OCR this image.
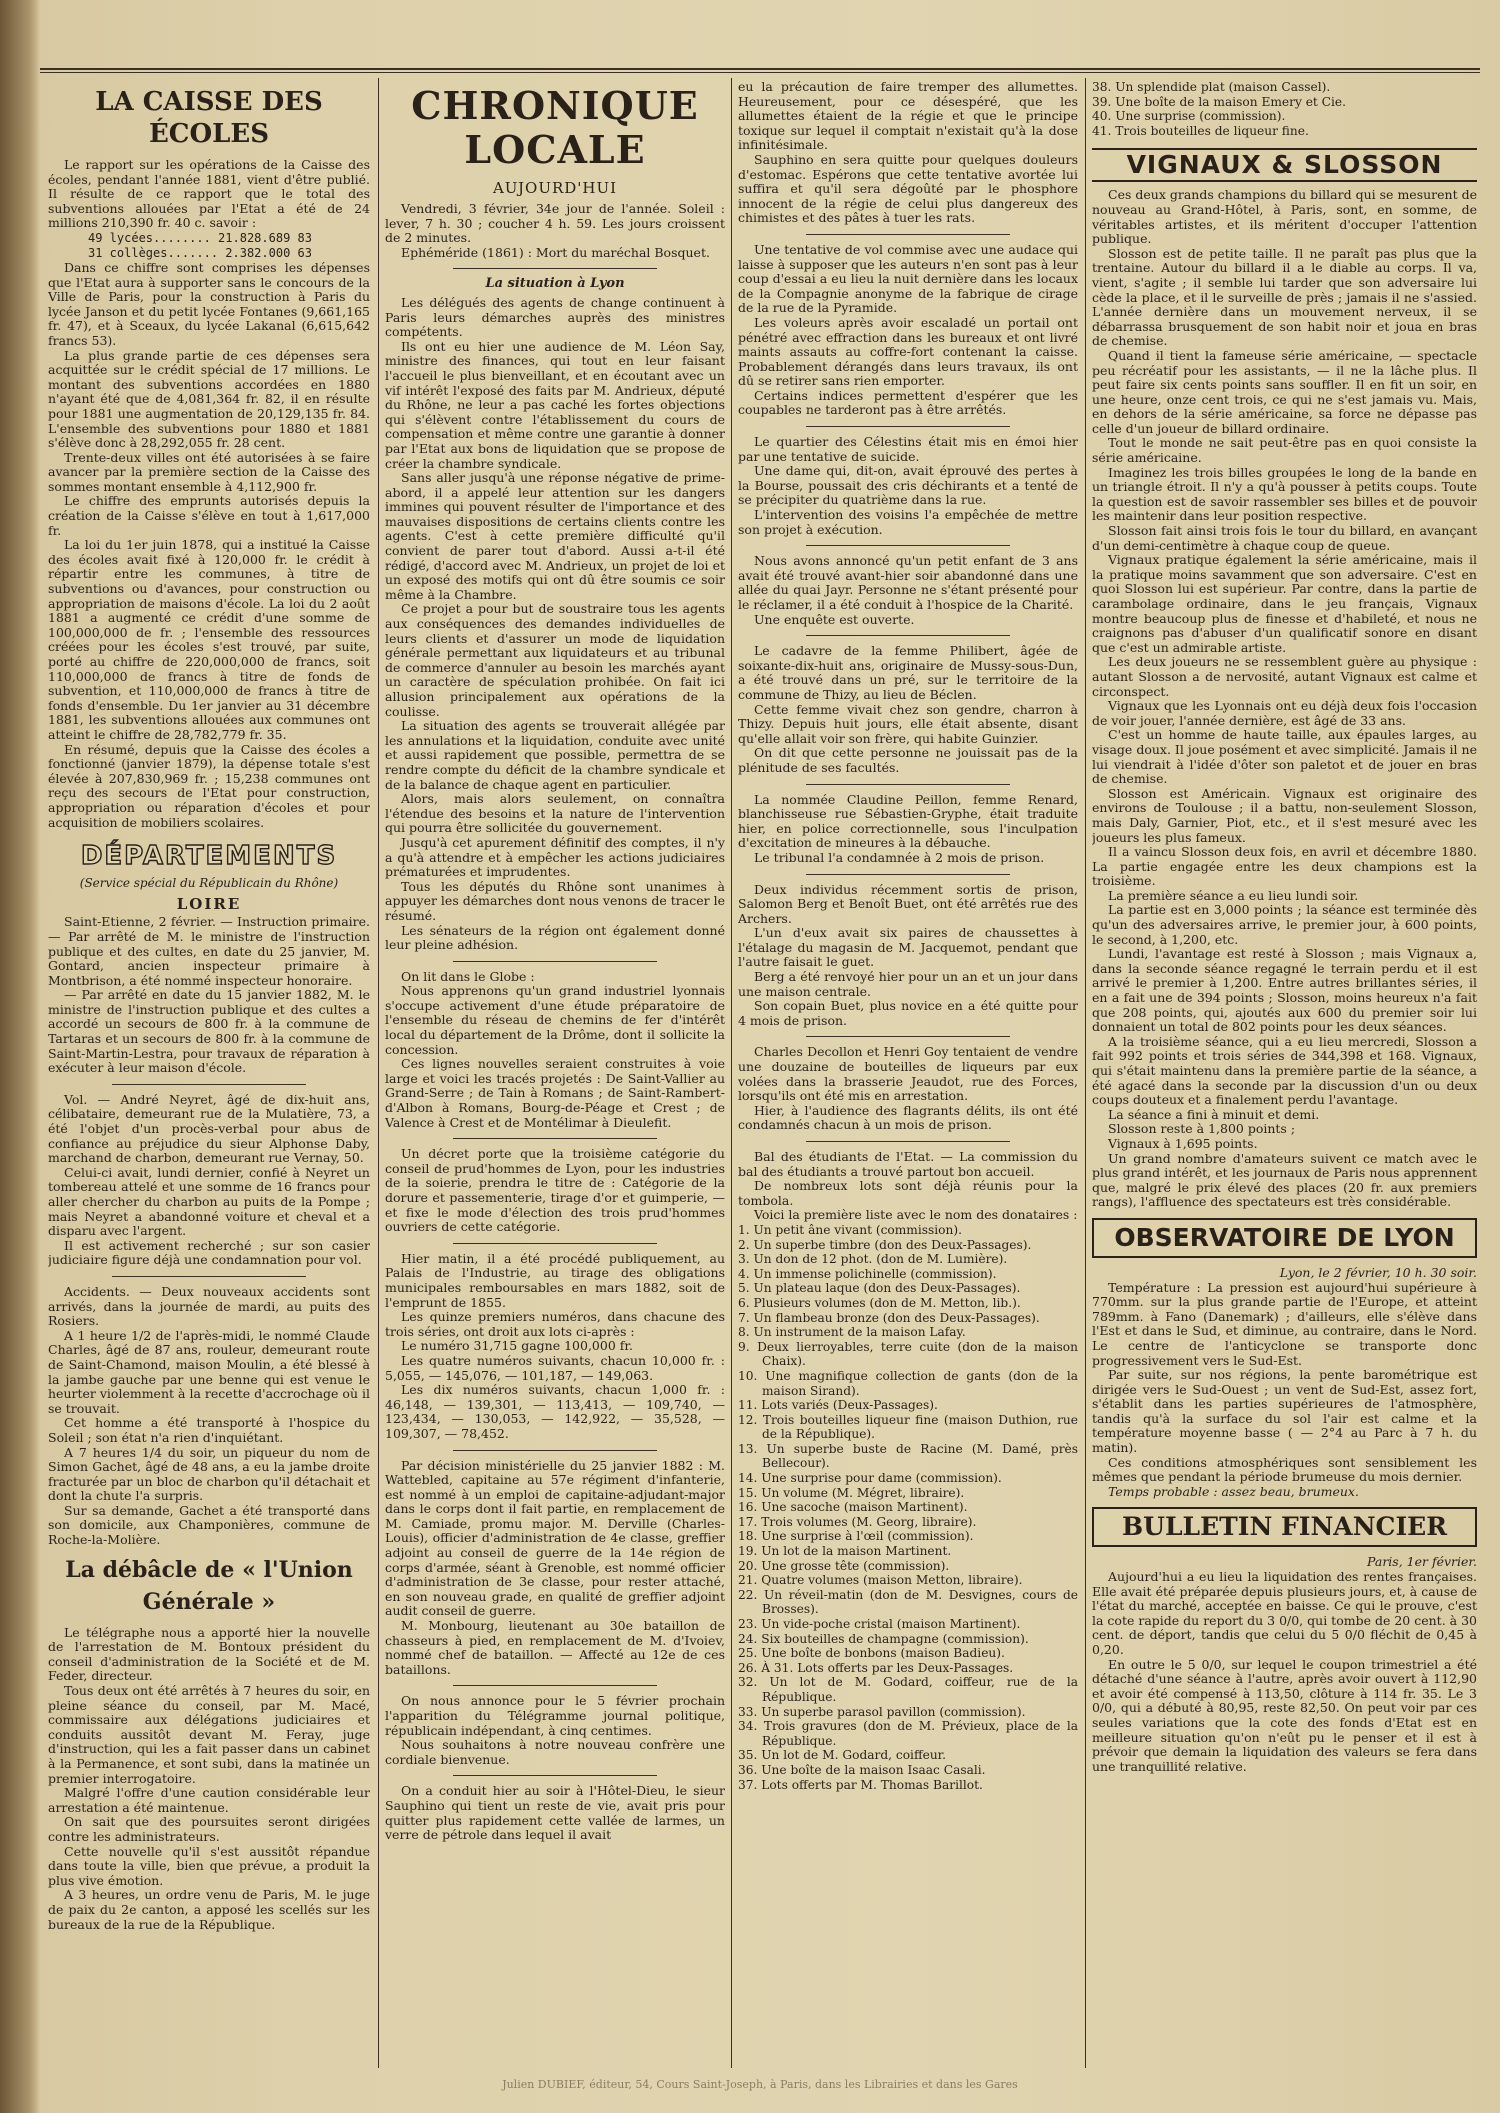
LA CAISSE DES ÉCOLES

Le rapport sur les opérations de la Caisse des écoles, pendant l'année 1881, vient d'être publié. Il résulte de ce rapport que le total des subventions allouées par l'Etat a été de 24 millions 210,390 fr. 40 c. savoir :

49 lycées........ 21.828.689 83
31 collèges....... 2.382.000 63

Dans ce chiffre sont comprises les dépenses que l'Etat aura à supporter sans le concours de la Ville de Paris, pour la construction à Paris du lycée Janson et du petit lycée Fontanes (9,661,165 fr. 47), et à Sceaux, du lycée Lakanal (6,615,642 francs 53).

La plus grande partie de ces dépenses sera acquittée sur le crédit spécial de 17 millions. Le montant des subventions accordées en 1880 n'ayant été que de 4,081,364 fr. 82, il en résulte pour 1881 une augmentation de 20,129,135 fr. 84. L'ensemble des subventions pour 1880 et 1881 s'élève donc à 28,292,055 fr. 28 cent.

Trente-deux villes ont été autorisées à se faire avancer par la première section de la Caisse des sommes montant ensemble à 4,112,900 fr.

Le chiffre des emprunts autorisés depuis la création de la Caisse s'élève en tout à 1,617,000 fr.

La loi du 1er juin 1878, qui a institué la Caisse des écoles avait fixé à 120,000 fr. le crédit à répartir entre les communes, à titre de subventions ou d'avances, pour construction ou appropriation de maisons d'école. La loi du 2 août 1881 a augmenté ce crédit d'une somme de 100,000,000 de fr. ; l'ensemble des ressources créées pour les écoles s'est trouvé, par suite, porté au chiffre de 220,000,000 de francs, soit 110,000,000 de francs à titre de fonds de subvention, et 110,000,000 de francs à titre de fonds d'ensemble. Du 1er janvier au 31 décembre 1881, les subventions allouées aux communes ont atteint le chiffre de 28,782,779 fr. 35.

En résumé, depuis que la Caisse des écoles a fonctionné (janvier 1879), la dépense totale s'est élevée à 207,830,969 fr. ; 15,238 communes ont reçu des secours de l'Etat pour construction, appropriation ou réparation d'écoles et pour acquisition de mobiliers scolaires.

DÉPARTEMENTS
(Service spécial du Républicain du Rhône)
LOIRE

Saint-Etienne, 2 février. — Instruction primaire. — Par arrêté de M. le ministre de l'instruction publique et des cultes, en date du 25 janvier, M. Gontard, ancien inspecteur primaire à Montbrison, a été nommé inspecteur honoraire.

— Par arrêté en date du 15 janvier 1882, M. le ministre de l'instruction publique et des cultes a accordé un secours de 800 fr. à la commune de Tartaras et un secours de 800 fr. à la commune de Saint-Martin-Lestra, pour travaux de réparation à exécuter à leur maison d'école.

Vol. — André Neyret, âgé de dix-huit ans, célibataire, demeurant rue de la Mulatière, 73, a été l'objet d'un procès-verbal pour abus de confiance au préjudice du sieur Alphonse Daby, marchand de charbon, demeurant rue Vernay, 50.

Celui-ci avait, lundi dernier, confié à Neyret un tombereau attelé et une somme de 16 francs pour aller chercher du charbon au puits de la Pompe ; mais Neyret a abandonné voiture et cheval et a disparu avec l'argent.

Il est activement recherché ; sur son casier judiciaire figure déjà une condamnation pour vol.

Accidents. — Deux nouveaux accidents sont arrivés, dans la journée de mardi, au puits des Rosiers.

A 1 heure 1/2 de l'après-midi, le nommé Claude Charles, âgé de 87 ans, rouleur, demeurant route de Saint-Chamond, maison Moulin, a été blessé à la jambe gauche par une benne qui est venue le heurter violemment à la recette d'accrochage où il se trouvait.

Cet homme a été transporté à l'hospice du Soleil ; son état n'a rien d'inquiétant.

A 7 heures 1/4 du soir, un piqueur du nom de Simon Gachet, âgé de 48 ans, a eu la jambe droite fracturée par un bloc de charbon qu'il détachait et dont la chute l'a surpris.

Sur sa demande, Gachet a été transporté dans son domicile, aux Champonières, commune de Roche-la-Molière.

La débâcle de « l'Union Générale »

Le télégraphe nous a apporté hier la nouvelle de l'arrestation de M. Bontoux président du conseil d'administration de la Société et de M. Feder, directeur.

Tous deux ont été arrêtés à 7 heures du soir, en pleine séance du conseil, par M. Macé, commissaire aux délégations judiciaires et conduits aussitôt devant M. Feray, juge d'instruction, qui les a fait passer dans un cabinet à la Permanence, et sont subi, dans la matinée un premier interrogatoire.

Malgré l'offre d'une caution considérable leur arrestation a été maintenue.

On sait que des poursuites seront dirigées contre les administrateurs.

Cette nouvelle qu'il s'est aussitôt répandue dans toute la ville, bien que prévue, a produit la plus vive émotion.

A 3 heures, un ordre venu de Paris, M. le juge de paix du 2e canton, a apposé les scellés sur les bureaux de la rue de la République.

CHRONIQUE LOCALE
AUJOURD'HUI

Vendredi, 3 février, 34e jour de l'année. Soleil : lever, 7 h. 30 ; coucher 4 h. 59. Les jours croissent de 2 minutes.

Ephéméride (1861) : Mort du maréchal Bosquet.

La situation à Lyon

Les délégués des agents de change continuent à Paris leurs démarches auprès des ministres compétents.

Ils ont eu hier une audience de M. Léon Say, ministre des finances, qui tout en leur faisant l'accueil le plus bienveillant, et en écoutant avec un vif intérêt l'exposé des faits par M. Andrieux, député du Rhône, ne leur a pas caché les fortes objections qui s'élèvent contre l'établissement du cours de compensation et même contre une garantie à donner par l'Etat aux bons de liquidation que se propose de créer la chambre syndicale.

Sans aller jusqu'à une réponse négative de prime-abord, il a appelé leur attention sur les dangers immines qui pouvent résulter de l'importance et des mauvaises dispositions de certains clients contre les agents. C'est à cette première difficulté qu'il convient de parer tout d'abord. Aussi a-t-il été rédigé, d'accord avec M. Andrieux, un projet de loi et un exposé des motifs qui ont dû être soumis ce soir même à la Chambre.

Ce projet a pour but de soustraire tous les agents aux conséquences des demandes individuelles de leurs clients et d'assurer un mode de liquidation générale permettant aux liquidateurs et au tribunal de commerce d'annuler au besoin les marchés ayant un caractère de spéculation prohibée. On fait ici allusion principalement aux opérations de la coulisse.

La situation des agents se trouverait allégée par les annulations et la liquidation, conduite avec unité et aussi rapidement que possible, permettra de se rendre compte du déficit de la chambre syndicale et de la balance de chaque agent en particulier.

Alors, mais alors seulement, on connaîtra l'étendue des besoins et la nature de l'intervention qui pourra être sollicitée du gouvernement.

Jusqu'à cet apurement définitif des comptes, il n'y a qu'à attendre et à empêcher les actions judiciaires prématurées et imprudentes.

Tous les députés du Rhône sont unanimes à appuyer les démarches dont nous venons de tracer le résumé.

Les sénateurs de la région ont également donné leur pleine adhésion.

On lit dans le Globe :

Nous apprenons qu'un grand industriel lyonnais s'occupe activement d'une étude préparatoire de l'ensemble du réseau de chemins de fer d'intérêt local du département de la Drôme, dont il sollicite la concession.

Ces lignes nouvelles seraient construites à voie large et voici les tracés projetés : De Saint-Vallier au Grand-Serre ; de Tain à Romans ; de Saint-Rambert-d'Albon à Romans, Bourg-de-Péage et Crest ; de Valence à Crest et de Montélimar à Dieulefit.

Un décret porte que la troisième catégorie du conseil de prud'hommes de Lyon, pour les industries de la soierie, prendra le titre de : Catégorie de la dorure et passementerie, tirage d'or et guimperie, — et fixe le mode d'élection des trois prud'hommes ouvriers de cette catégorie.

Hier matin, il a été procédé publiquement, au Palais de l'Industrie, au tirage des obligations municipales remboursables en mars 1882, soit de l'emprunt de 1855.

Les quinze premiers numéros, dans chacune des trois séries, ont droit aux lots ci-après :

Le numéro 31,715 gagne 100,000 fr.

Les quatre numéros suivants, chacun 10,000 fr. : 5,055, — 145,076, — 101,187, — 149,063.

Les dix numéros suivants, chacun 1,000 fr. : 46,148, — 139,301, — 113,413, — 109,740, — 123,434, — 130,053, — 142,922, — 35,528, — 109,307, — 78,452.

Par décision ministérielle du 25 janvier 1882 : M. Wattebled, capitaine au 57e régiment d'infanterie, est nommé à un emploi de capitaine-adjudant-major dans le corps dont il fait partie, en remplacement de M. Camiade, promu major. M. Derville (Charles-Louis), officier d'administration de 4e classe, greffier adjoint au conseil de guerre de la 14e région de corps d'armée, séant à Grenoble, est nommé officier d'administration de 3e classe, pour rester attaché, en son nouveau grade, en qualité de greffier adjoint audit conseil de guerre.

M. Monbourg, lieutenant au 30e bataillon de chasseurs à pied, en remplacement de M. d'Ivoiev, nommé chef de bataillon. — Affecté au 12e de ces bataillons.

On nous annonce pour le 5 février prochain l'apparition du Télégramme journal politique, républicain indépendant, à cinq centimes.

Nous souhaitons à notre nouveau confrère une cordiale bienvenue.

On a conduit hier au soir à l'Hôtel-Dieu, le sieur Sauphino qui tient un reste de vie, avait pris pour quitter plus rapidement cette vallée de larmes, un verre de pétrole dans lequel il avait

eu la précaution de faire tremper des allumettes. Heureusement, pour ce désespéré, que les allumettes étaient de la régie et que le principe toxique sur lequel il comptait n'existait qu'à la dose infinitésimale.

Sauphino en sera quitte pour quelques douleurs d'estomac. Espérons que cette tentative avortée lui suffira et qu'il sera dégoûté par le phosphore innocent de la régie de celui plus dangereux des chimistes et des pâtes à tuer les rats.

Une tentative de vol commise avec une audace qui laisse à supposer que les auteurs n'en sont pas à leur coup d'essai a eu lieu la nuit dernière dans les locaux de la Compagnie anonyme de la fabrique de cirage de la rue de la Pyramide.

Les voleurs après avoir escaladé un portail ont pénétré avec effraction dans les bureaux et ont livré maints assauts au coffre-fort contenant la caisse. Probablement dérangés dans leurs travaux, ils ont dû se retirer sans rien emporter.

Certains indices permettent d'espérer que les coupables ne tarderont pas à être arrêtés.

Le quartier des Célestins était mis en émoi hier par une tentative de suicide.

Une dame qui, dit-on, avait éprouvé des pertes à la Bourse, poussait des cris déchirants et a tenté de se précipiter du quatrième dans la rue.

L'intervention des voisins l'a empêchée de mettre son projet à exécution.

Nous avons annoncé qu'un petit enfant de 3 ans avait été trouvé avant-hier soir abandonné dans une allée du quai Jayr. Personne ne s'étant présenté pour le réclamer, il a été conduit à l'hospice de la Charité.

Une enquête est ouverte.

Le cadavre de la femme Philibert, âgée de soixante-dix-huit ans, originaire de Mussy-sous-Dun, a été trouvé dans un pré, sur le territoire de la commune de Thizy, au lieu de Béclen.

Cette femme vivait chez son gendre, charron à Thizy. Depuis huit jours, elle était absente, disant qu'elle allait voir son frère, qui habite Guinzier.

On dit que cette personne ne jouissait pas de la plénitude de ses facultés.

La nommée Claudine Peillon, femme Renard, blanchisseuse rue Sébastien-Gryphe, était traduite hier, en police correctionnelle, sous l'inculpation d'excitation de mineures à la débauche.

Le tribunal l'a condamnée à 2 mois de prison.

Deux individus récemment sortis de prison, Salomon Berg et Benoît Buet, ont été arrêtés rue des Archers.

L'un d'eux avait six paires de chaussettes à l'étalage du magasin de M. Jacquemot, pendant que l'autre faisait le guet.

Berg a été renvoyé hier pour un an et un jour dans une maison centrale.

Son copain Buet, plus novice en a été quitte pour 4 mois de prison.

Charles Decollon et Henri Goy tentaient de vendre une douzaine de bouteilles de liqueurs par eux volées dans la brasserie Jeaudot, rue des Forces, lorsqu'ils ont été mis en arrestation.

Hier, à l'audience des flagrants délits, ils ont été condamnés chacun à un mois de prison.

Bal des étudiants de l'Etat. — La commission du bal des étudiants a trouvé partout bon accueil.

De nombreux lots sont déjà réunis pour la tombola.

Voici la première liste avec le nom des donataires :

1. Un petit âne vivant (commission).
2. Un superbe timbre (don des Deux-Passages).
3. Un don de 12 phot. (don de M. Lumière).
4. Un immense polichinelle (commission).
5. Un plateau laque (don des Deux-Passages).
6. Plusieurs volumes (don de M. Metton, lib.).
7. Un flambeau bronze (don des Deux-Passages).
8. Un instrument de la maison Lafay.
9. Deux lierroyables, terre cuite (don de la maison Chaix).
10. Une magnifique collection de gants (don de la maison Sirand).
11. Lots variés (Deux-Passages).
12. Trois bouteilles liqueur fine (maison Duthion, rue de la République).
13. Un superbe buste de Racine (M. Damé, près Bellecour).
14. Une surprise pour dame (commission).
15. Un volume (M. Mégret, libraire).
16. Une sacoche (maison Martinent).
17. Trois volumes (M. Georg, libraire).
18. Une surprise à l'œil (commission).
19. Un lot de la maison Martinent.
20. Une grosse tête (commission).
21. Quatre volumes (maison Metton, libraire).
22. Un réveil-matin (don de M. Desvignes, cours de Brosses).
23. Un vide-poche cristal (maison Martinent).
24. Six bouteilles de champagne (commission).
25. Une boîte de bonbons (maison Badieu).
26. À 31. Lots offerts par les Deux-Passages.
32. Un lot de M. Godard, coiffeur, rue de la République.
33. Un superbe parasol pavillon (commission).
34. Trois gravures (don de M. Prévieux, place de la République.
35. Un lot de M. Godard, coiffeur.
36. Une boîte de la maison Isaac Casali.
37. Lots offerts par M. Thomas Barillot.
38. Un splendide plat (maison Cassel).
39. Une boîte de la maison Emery et Cie.
40. Une surprise (commission).
41. Trois bouteilles de liqueur fine.
VIGNAUX & SLOSSON

Ces deux grands champions du billard qui se mesurent de nouveau au Grand-Hôtel, à Paris, sont, en somme, de véritables artistes, et ils méritent d'occuper l'attention publique.

Slosson est de petite taille. Il ne paraît pas plus que la trentaine. Autour du billard il a le diable au corps. Il va, vient, s'agite ; il semble lui tarder que son adversaire lui cède la place, et il le surveille de près ; jamais il ne s'assied. L'année dernière dans un mouvement nerveux, il se débarrassa brusquement de son habit noir et joua en bras de chemise.

Quand il tient la fameuse série américaine, — spectacle peu récréatif pour les assistants, — il ne la lâche plus. Il peut faire six cents points sans souffler. Il en fit un soir, en une heure, onze cent trois, ce qui ne s'est jamais vu. Mais, en dehors de la série américaine, sa force ne dépasse pas celle d'un joueur de billard ordinaire.

Tout le monde ne sait peut-être pas en quoi consiste la série américaine.

Imaginez les trois billes groupées le long de la bande en un triangle étroit. Il n'y a qu'à pousser à petits coups. Toute la question est de savoir rassembler ses billes et de pouvoir les maintenir dans leur position respective.

Slosson fait ainsi trois fois le tour du billard, en avançant d'un demi-centimètre à chaque coup de queue.

Vignaux pratique également la série américaine, mais il la pratique moins savamment que son adversaire. C'est en quoi Slosson lui est supérieur. Par contre, dans la partie de carambolage ordinaire, dans le jeu français, Vignaux montre beaucoup plus de finesse et d'habileté, et nous ne craignons pas d'abuser d'un qualificatif sonore en disant que c'est un admirable artiste.

Les deux joueurs ne se ressemblent guère au physique : autant Slosson a de nervosité, autant Vignaux est calme et circonspect.

Vignaux que les Lyonnais ont eu déjà deux fois l'occasion de voir jouer, l'année dernière, est âgé de 33 ans.

C'est un homme de haute taille, aux épaules larges, au visage doux. Il joue posément et avec simplicité. Jamais il ne lui viendrait à l'idée d'ôter son paletot et de jouer en bras de chemise.

Slosson est Américain. Vignaux est originaire des environs de Toulouse ; il a battu, non-seulement Slosson, mais Daly, Garnier, Piot, etc., et il s'est mesuré avec les joueurs les plus fameux.

Il a vaincu Slosson deux fois, en avril et décembre 1880. La partie engagée entre les deux champions est la troisième.

La première séance a eu lieu lundi soir.

La partie est en 3,000 points ; la séance est terminée dès qu'un des adversaires arrive, le premier jour, à 600 points, le second, à 1,200, etc.

Lundi, l'avantage est resté à Slosson ; mais Vignaux a, dans la seconde séance regagné le terrain perdu et il est arrivé le premier à 1,200. Entre autres brillantes séries, il en a fait une de 394 points ; Slosson, moins heureux n'a fait que 208 points, qui, ajoutés aux 600 du premier soir lui donnaient un total de 802 points pour les deux séances.

A la troisième séance, qui a eu lieu mercredi, Slosson a fait 992 points et trois séries de 344,398 et 168. Vignaux, qui s'était maintenu dans la première partie de la séance, a été agacé dans la seconde par la discussion d'un ou deux coups douteux et a finalement perdu l'avantage.

La séance a fini à minuit et demi.

Slosson reste à 1,800 points ;

Vignaux à 1,695 points.

Un grand nombre d'amateurs suivent ce match avec le plus grand intérêt, et les journaux de Paris nous apprennent que, malgré le prix élevé des places (20 fr. aux premiers rangs), l'affluence des spectateurs est très considérable.

OBSERVATOIRE DE LYON
Lyon, le 2 février, 10 h. 30 soir.

Température : La pression est aujourd'hui supérieure à 770mm. sur la plus grande partie de l'Europe, et atteint 789mm. à Fano (Danemark) ; d'ailleurs, elle s'élève dans l'Est et dans le Sud, et diminue, au contraire, dans le Nord. Le centre de l'anticyclone se transporte donc progressivement vers le Sud-Est.

Par suite, sur nos régions, la pente barométrique est dirigée vers le Sud-Ouest ; un vent de Sud-Est, assez fort, s'établit dans les parties supérieures de l'atmosphère, tandis qu'à la surface du sol l'air est calme et la température moyenne basse ( — 2°4 au Parc à 7 h. du matin).

Ces conditions atmosphériques sont sensiblement les mêmes que pendant la période brumeuse du mois dernier.

Temps probable : assez beau, brumeux.

BULLETIN FINANCIER
Paris, 1er février.

Aujourd'hui a eu lieu la liquidation des rentes françaises. Elle avait été préparée depuis plusieurs jours, et, à cause de l'état du marché, acceptée en baisse. Ce qui le prouve, c'est la cote rapide du report du 3 0/0, qui tombe de 20 cent. à 30 cent. de déport, tandis que celui du 5 0/0 fléchit de 0,45 à 0,20.

En outre le 5 0/0, sur lequel le coupon trimestriel a été détaché d'une séance à l'autre, après avoir ouvert à 112,90 et avoir été compensé à 113,50, clôture à 114 fr. 35. Le 3 0/0, qui a débuté à 80,95, reste 82,50. On peut voir par ces seules variations que la cote des fonds d'Etat est en meilleure situation qu'on n'eût pu le penser et il est à prévoir que demain la liquidation des valeurs se fera dans une tranquillité relative.

Julien DUBIEF, éditeur, 54, Cours Saint-Joseph, à Paris, dans les Librairies et dans les Gares
